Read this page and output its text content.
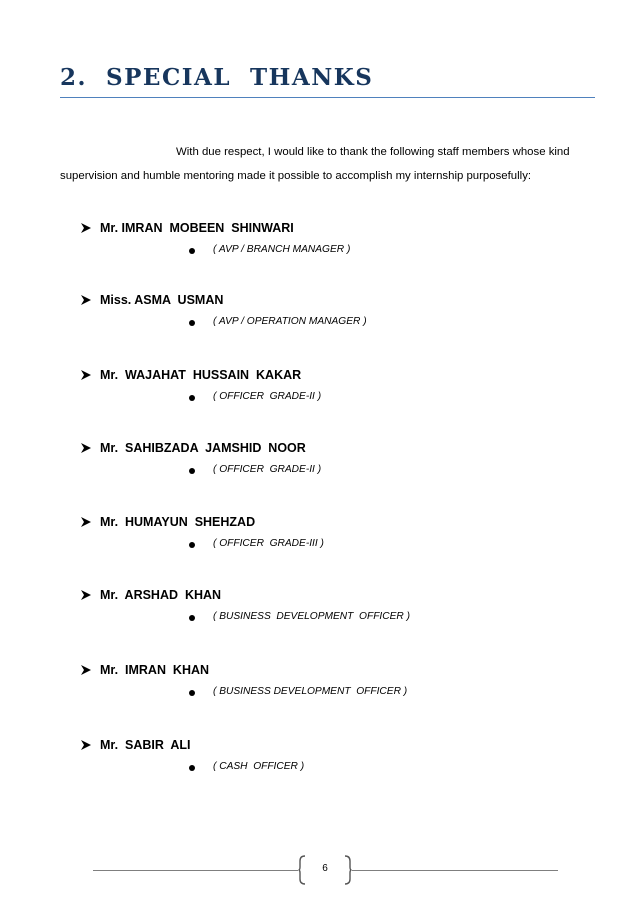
2.  SPECIAL  THANKS

With due respect, I would like to thank the following staff members whose kind
supervision and humble mentoring made it possible to accomplish my internship purposefully:

Mr. IMRAN  MOBEEN  SHINWARI
( AVP / BRANCH MANAGER )
Miss. ASMA  USMAN
( AVP / OPERATION MANAGER )
Mr.  WAJAHAT  HUSSAIN  KAKAR
( OFFICER  GRADE-II )
Mr.  SAHIBZADA  JAMSHID  NOOR
( OFFICER  GRADE-II )
Mr.  HUMAYUN  SHEHZAD
( OFFICER  GRADE-III )
Mr.  ARSHAD  KHAN
( BUSINESS  DEVELOPMENT  OFFICER )
Mr.  IMRAN  KHAN
( BUSINESS DEVELOPMENT  OFFICER )
Mr.  SABIR  ALI
( CASH  OFFICER )
6
